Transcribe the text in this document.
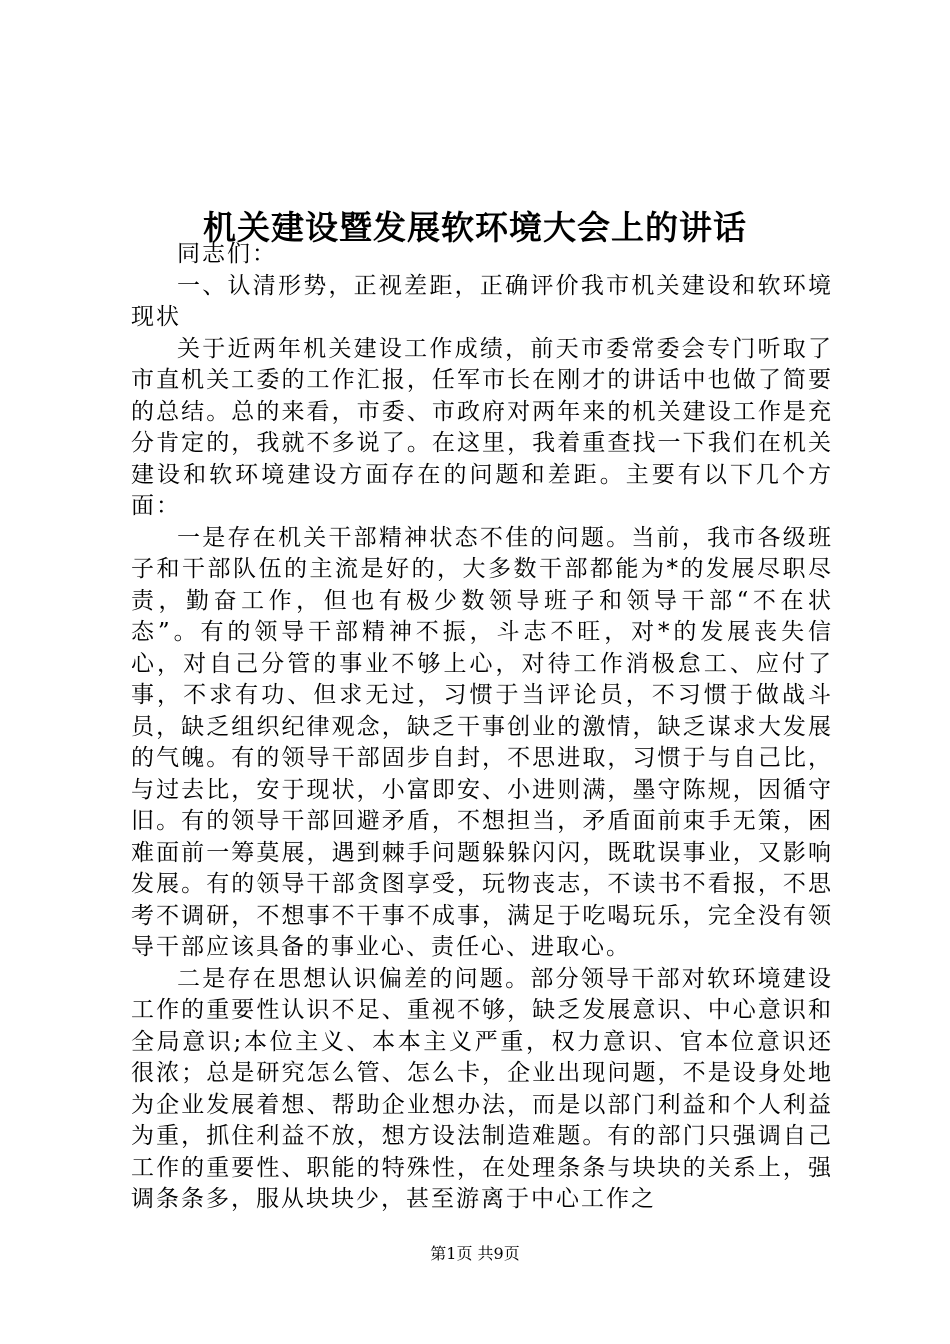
机关建设暨发展软环境大会上的讲话

同志们：

一、认清形势，正视差距，正确评价我市机关建设和软环境现状

关于近两年机关建设工作成绩，前天市委常委会专门听取了市直机关工委的工作汇报，任军市长在刚才的讲话中也做了简要的总结。总的来看，市委、市政府对两年来的机关建设工作是充分肯定的，我就不多说了。在这里，我着重查找一下我们在机关建设和软环境建设方面存在的问题和差距。主要有以下几个方面：

一是存在机关干部精神状态不佳的问题。当前，我市各级班子和干部队伍的主流是好的，大多数干部都能为*的发展尽职尽责，勤奋工作，但也有极少数领导班子和领导干部“不在状态”。有的领导干部精神不振，斗志不旺，对*的发展丧失信心，对自己分管的事业不够上心，对待工作消极怠工、应付了事，不求有功、但求无过，习惯于当评论员，不习惯于做战斗员，缺乏组织纪律观念，缺乏干事创业的激情，缺乏谋求大发展的气魄。有的领导干部固步自封，不思进取，习惯于与自己比，与过去比，安于现状，小富即安、小进则满，墨守陈规，因循守旧。有的领导干部回避矛盾，不想担当，矛盾面前束手无策，困难面前一筹莫展，遇到棘手问题躲躲闪闪，既耽误事业，又影响发展。有的领导干部贪图享受，玩物丧志，不读书不看报，不思考不调研，不想事不干事不成事，满足于吃喝玩乐，完全没有领导干部应该具备的事业心、责任心、进取心。

二是存在思想认识偏差的问题。部分领导干部对软环境建设工作的重要性认识不足、重视不够，缺乏发展意识、中心意识和全局意识;本位主义、本本主义严重，权力意识、官本位意识还很浓；总是研究怎么管、怎么卡，企业出现问题，不是设身处地为企业发展着想、帮助企业想办法，而是以部门利益和个人利益为重，抓住利益不放，想方设法制造难题。有的部门只强调自己工作的重要性、职能的特殊性，在处理条条与块块的关系上，强调条条多，服从块块少，甚至游离于中心工作之

第1页 共9页
